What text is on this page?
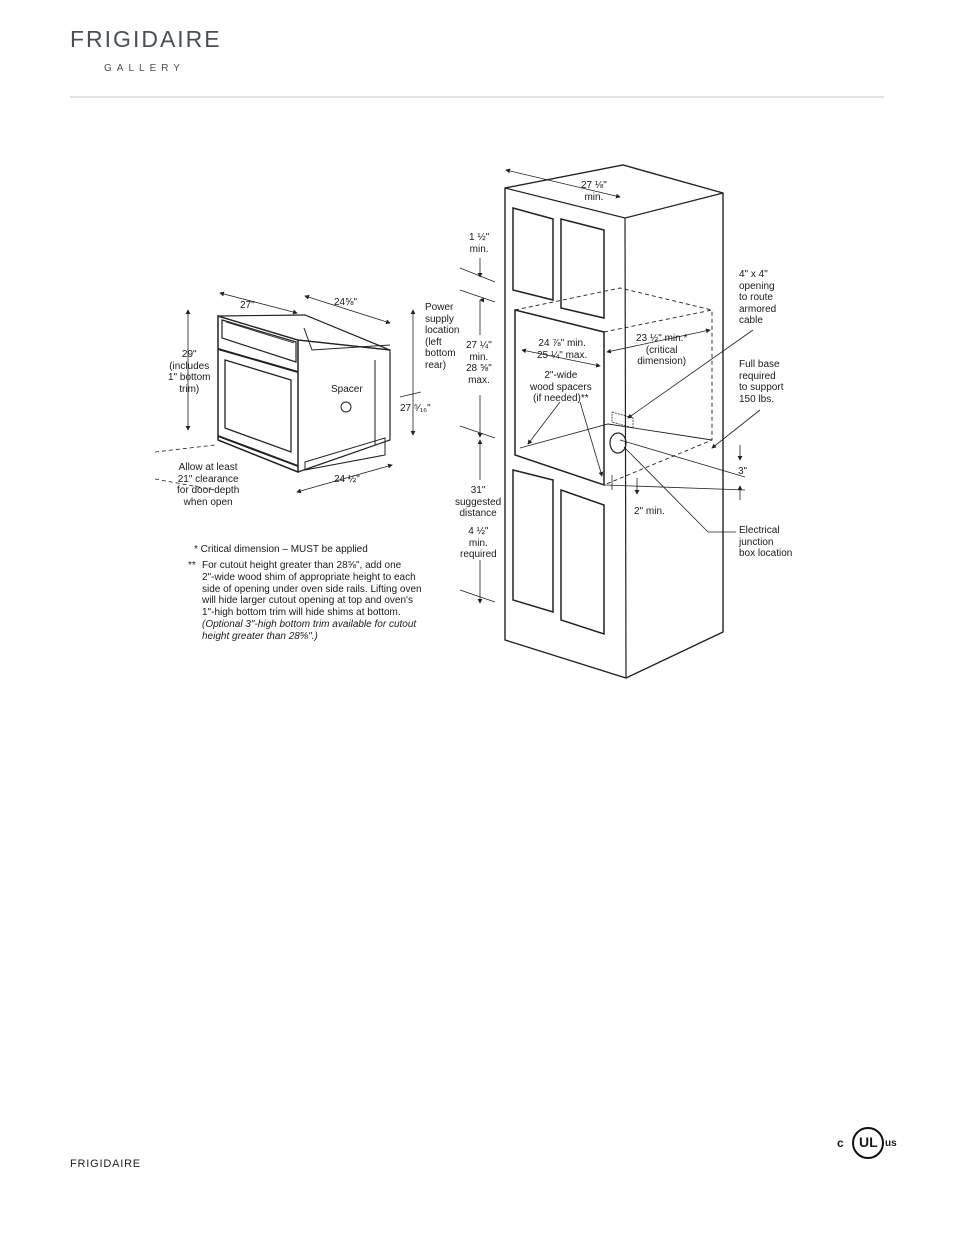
FRIGIDAIRE
GALLERY
27"	24⅝"	Power
supply
location
(left
bottom
rear)
29"
(includes
1" bottom
trim)	Spacer
27 ⁵⁄₁₆"
24 ½"
Allow at least
21" clearance
for door depth
when open
27 ⅛"
min.
1 ½"
min.
27 ¼"
min.
28 ⅝"
max.
24 ⅞" min.
25 ¼" max.
23 ½" min.*
(critical
dimension)
2"-wide
wood spacers
(if needed)**
4" x 4"
opening
to route
armored
cable
Full base
required
to support
150 lbs.
3"
2" min.
31"
suggested
distance
4 ½"
min.
required
Electrical
junction
box location
* Critical dimension – MUST be applied
** For cutout height greater than 28⅝", add one
2"-wide wood shim of appropriate height to each
side of opening under oven side rails. Lifting oven
will hide larger cutout opening at top and oven's
1"-high bottom trim will hide shims at bottom.
(Optional 3"-high bottom trim available for cutout
height greater than 28⅝".)
FRIGIDAIRE
c UL us
